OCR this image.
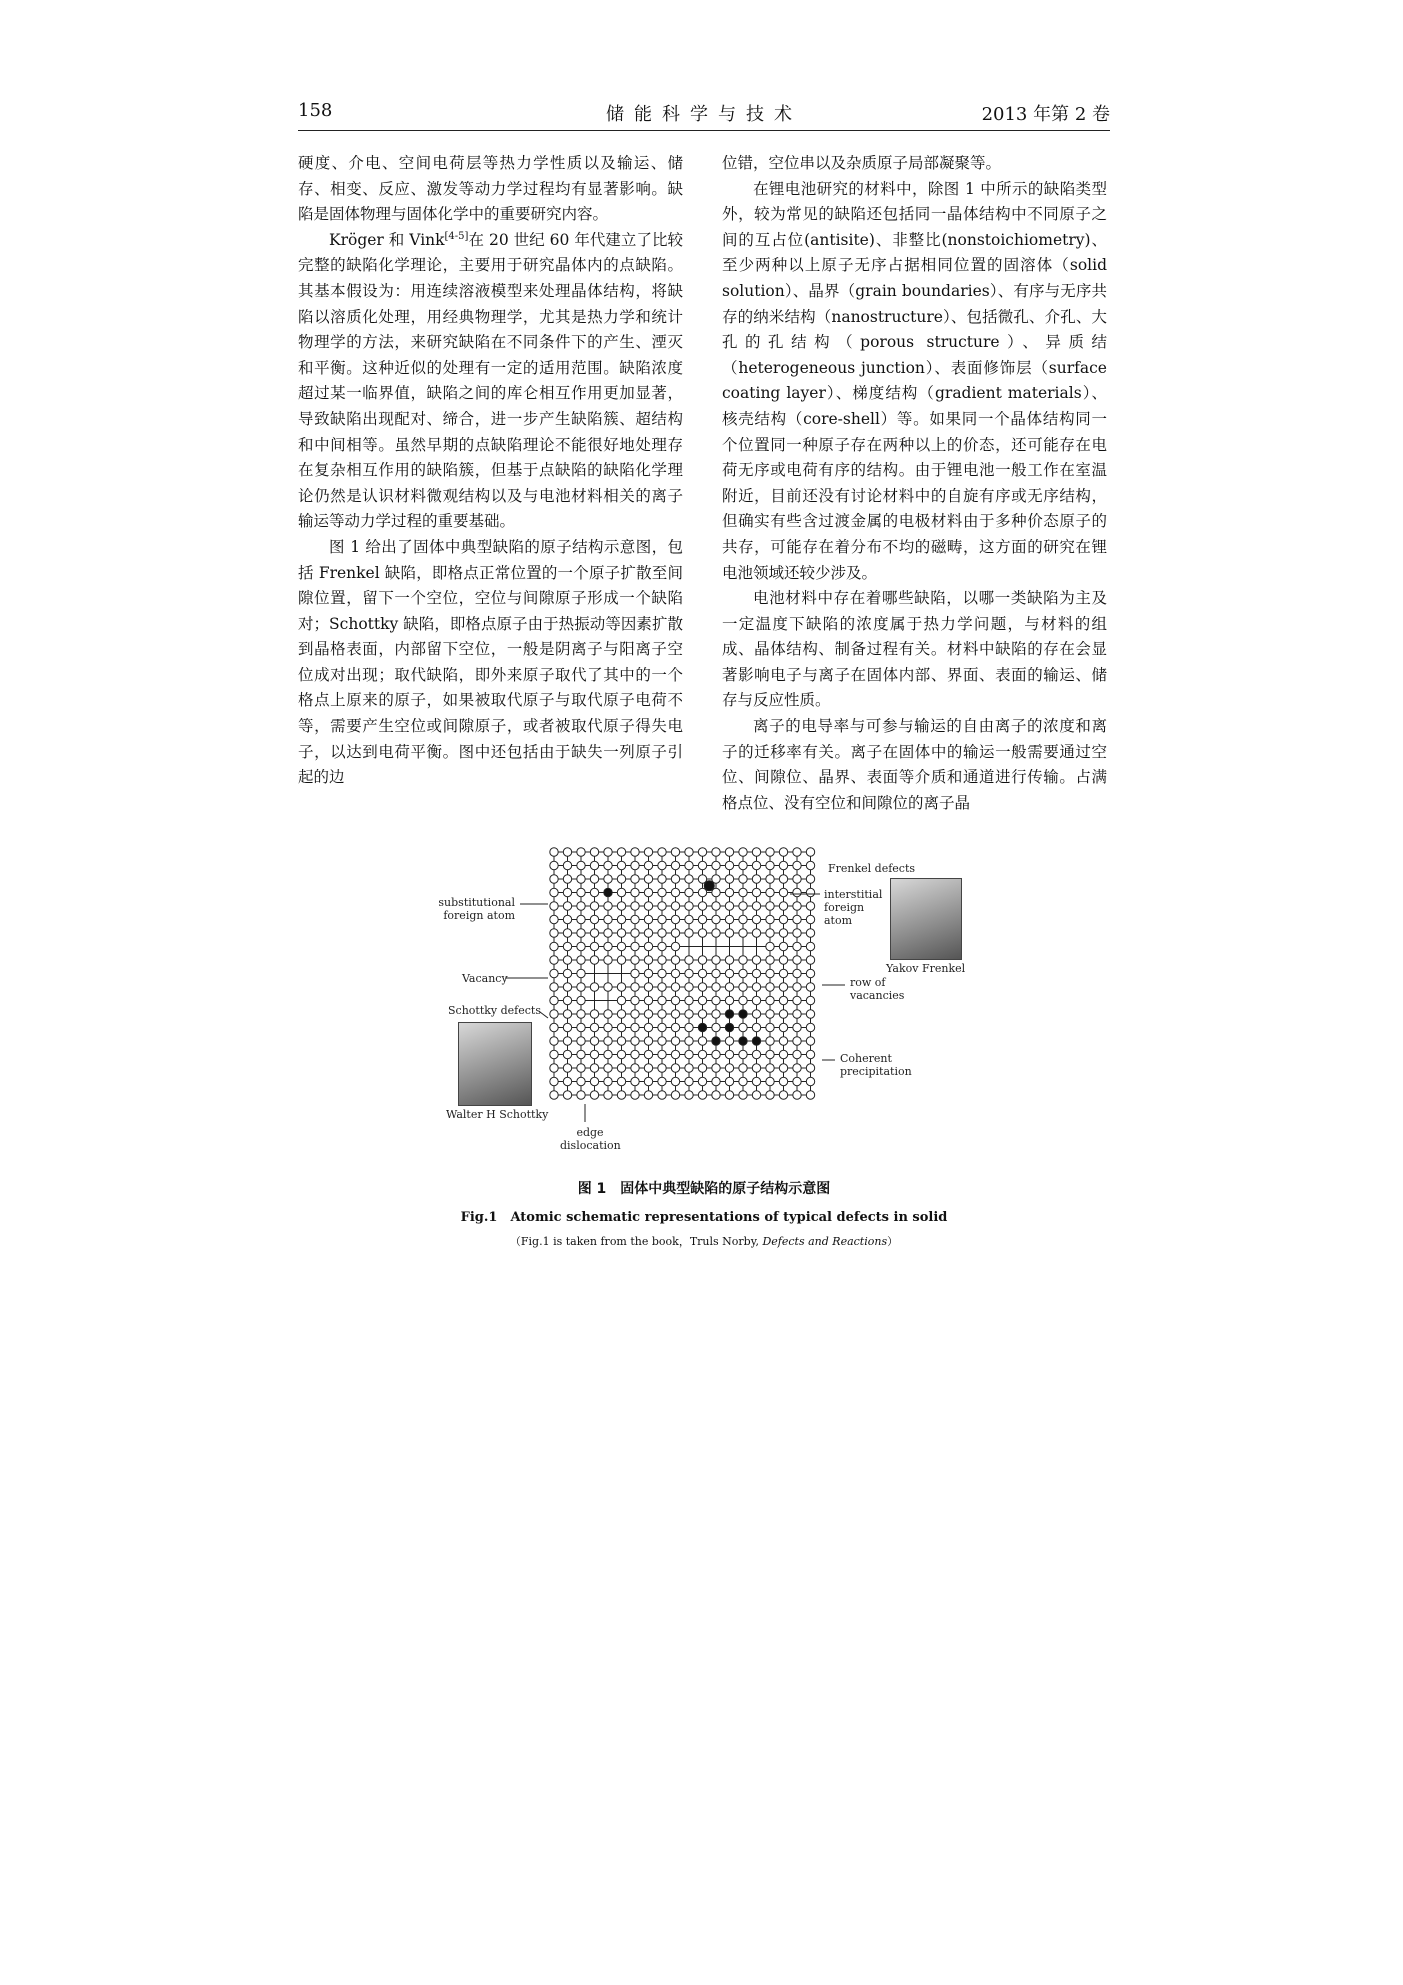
158	储能科学与技术	2013 年第 2 卷

硬度、介电、空间电荷层等热力学性质以及输运、储存、相变、反应、激发等动力学过程均有显著影响。缺陷是固体物理与固体化学中的重要研究内容。

Kröger 和 Vink[4-5]在 20 世纪 60 年代建立了比较完整的缺陷化学理论，主要用于研究晶体内的点缺陷。其基本假设为：用连续溶液模型来处理晶体结构，将缺陷以溶质化处理，用经典物理学，尤其是热力学和统计物理学的方法，来研究缺陷在不同条件下的产生、湮灭和平衡。这种近似的处理有一定的适用范围。缺陷浓度超过某一临界值，缺陷之间的库仑相互作用更加显著，导致缺陷出现配对、缔合，进一步产生缺陷簇、超结构和中间相等。虽然早期的点缺陷理论不能很好地处理存在复杂相互作用的缺陷簇，但基于点缺陷的缺陷化学理论仍然是认识材料微观结构以及与电池材料相关的离子输运等动力学过程的重要基础。

图 1 给出了固体中典型缺陷的原子结构示意图，包括 Frenkel 缺陷，即格点正常位置的一个原子扩散至间隙位置，留下一个空位，空位与间隙原子形成一个缺陷对；Schottky 缺陷，即格点原子由于热振动等因素扩散到晶格表面，内部留下空位，一般是阴离子与阳离子空位成对出现；取代缺陷，即外来原子取代了其中的一个格点上原来的原子，如果被取代原子与取代原子电荷不等，需要产生空位或间隙原子，或者被取代原子得失电子，以达到电荷平衡。图中还包括由于缺失一列原子引起的边

位错，空位串以及杂质原子局部凝聚等。

在锂电池研究的材料中，除图 1 中所示的缺陷类型外，较为常见的缺陷还包括同一晶体结构中不同原子之间的互占位(antisite)、非整比(nonstoichiometry)、至少两种以上原子无序占据相同位置的固溶体（solid solution）、晶界（grain boundaries）、有序与无序共存的纳米结构（nanostructure）、包括微孔、介孔、大孔的孔结构（porous structure）、异质结（heterogeneous junction）、表面修饰层（surface coating layer）、梯度结构（gradient materials）、核壳结构（core-shell）等。如果同一个晶体结构同一个位置同一种原子存在两种以上的价态，还可能存在电荷无序或电荷有序的结构。由于锂电池一般工作在室温附近，目前还没有讨论材料中的自旋有序或无序结构，但确实有些含过渡金属的电极材料由于多种价态原子的共存，可能存在着分布不均的磁畴，这方面的研究在锂电池领域还较少涉及。

电池材料中存在着哪些缺陷，以哪一类缺陷为主及一定温度下缺陷的浓度属于热力学问题，与材料的组成、晶体结构、制备过程有关。材料中缺陷的存在会显著影响电子与离子在固体内部、界面、表面的输运、储存与反应性质。

离子的电导率与可参与输运的自由离子的浓度和离子的迁移率有关。离子在固体中的输运一般需要通过空位、间隙位、晶界、表面等介质和通道进行传输。占满格点位、没有空位和间隙位的离子晶

Frenkel defects
substitutional foreign atom
interstitial foreign atom
Yakov Frenkel
Vacancy	row of vacancies
Schottky defects
Walter H Schottky
Coherent precipitation
edge dislocation
图 1　固体中典型缺陷的原子结构示意图
Fig.1　Atomic schematic representations of typical defects in solid
（Fig.1 is taken from the book，Truls Norby, Defects and Reactions）
